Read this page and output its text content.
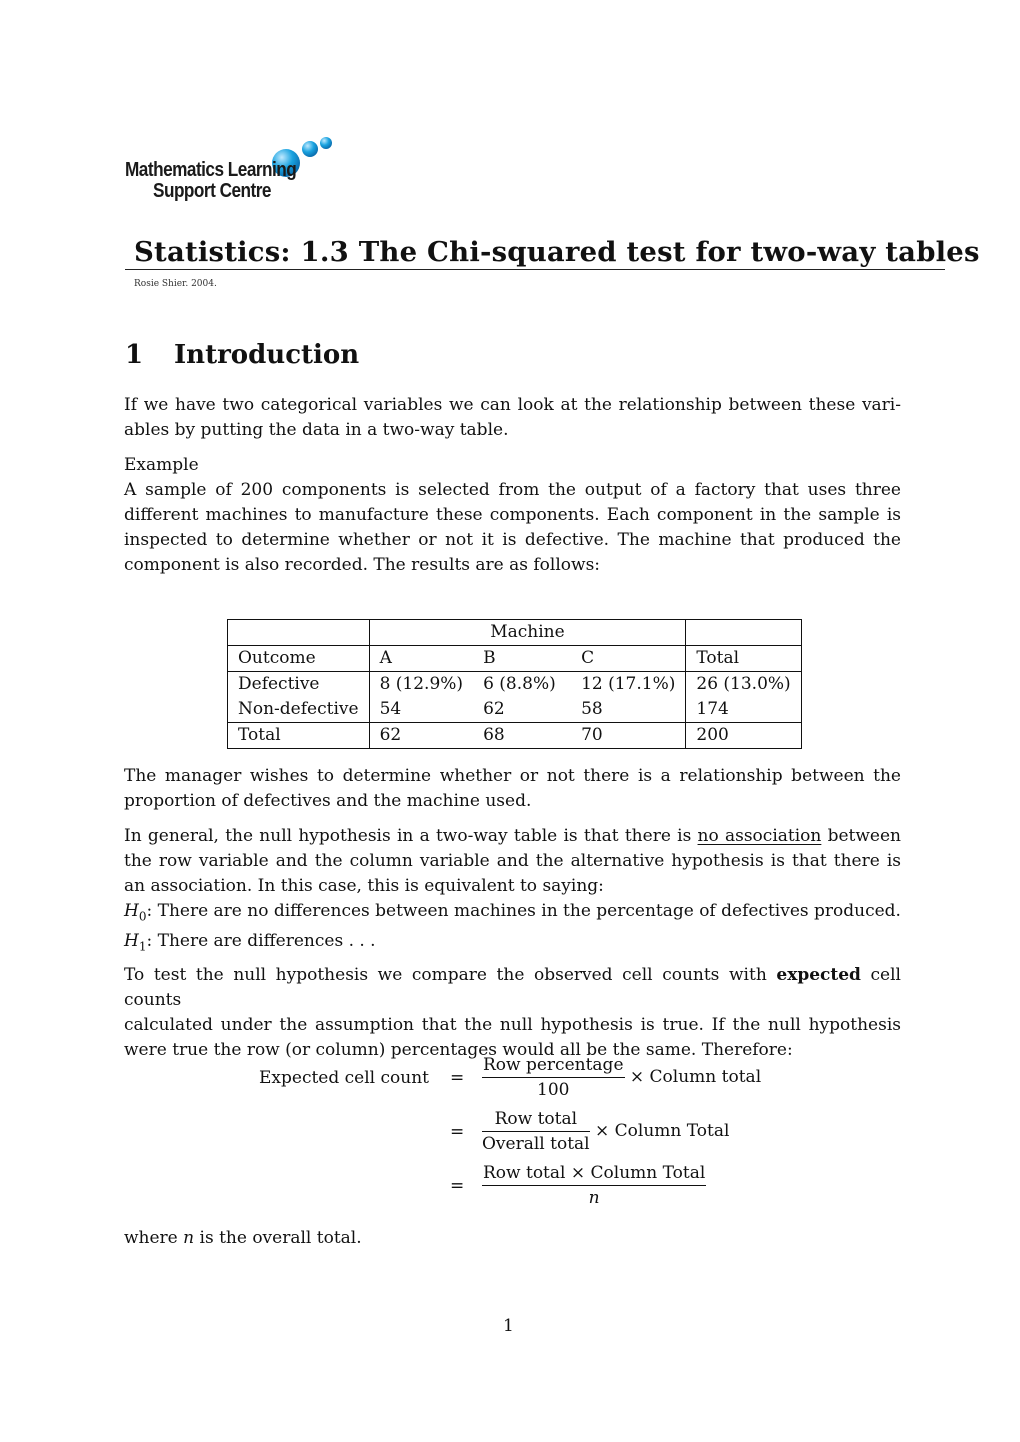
Mathematics Learning
Support Centre
Statistics: 1.3 The Chi-squared test for two-way tables
Rosie Shier. 2004.
1 Introduction
If we have two categorical variables we can look at the relationship between these vari-
ables by putting the data in a two-way table.
Example
A sample of 200 components is selected from the output of a factory that uses three
different machines to manufacture these components. Each component in the sample is
inspected to determine whether or not it is defective. The machine that produced the
component is also recorded. The results are as follows:
	Machine			
Outcome	A	B	C	Total
Defective	8 (12.9%)	6 (8.8%)	12 (17.1%)	26 (13.0%)
Non-defective	54	62	58	174
Total	62	68	70	200
The manager wishes to determine whether or not there is a relationship between the
proportion of defectives and the machine used.
In general, the null hypothesis in a two-way table is that there is no association between
the row variable and the column variable and the alternative hypothesis is that there is
an association. In this case, this is equivalent to saying:
$H_0$: There are no differences between machines in the percentage of defectives produced.
$H_1$: There are differences . . .
To test the null hypothesis we compare the observed cell counts with expected cell counts
calculated under the assumption that the null hypothesis is true. If the null hypothesis
were true the row (or column) percentages would all be the same. Therefore:
Expected cell count = $\frac{\text{Row percentage}}{100}$ × Column total
= $\frac{\text{Row total}}{\text{Overall total}}$ × Column Total
= $\frac{\text{Row total × Column Total}}{n}$
where n is the overall total.
1
